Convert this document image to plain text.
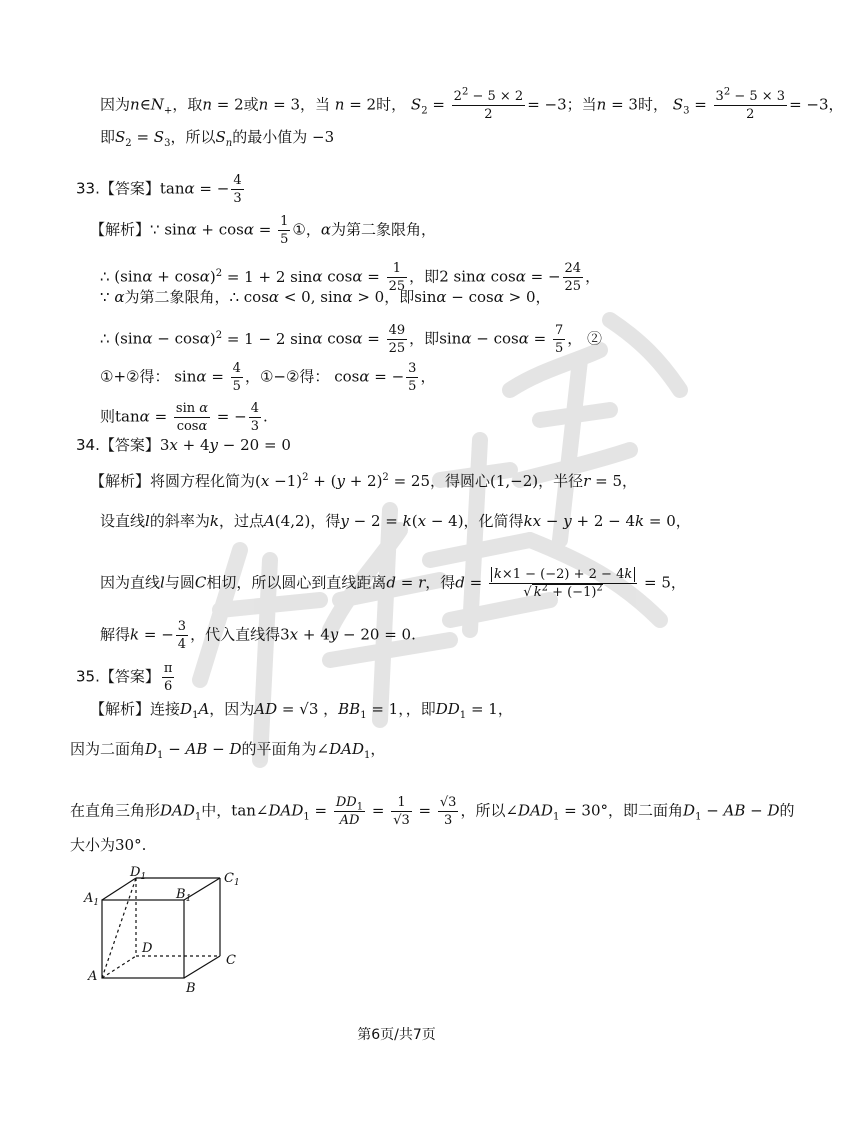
因为$n\in N_+$，取n = 2或n = 3，当 n = 2时， $S_2 = \frac{2^2 - 5 \times 2}{2} = -3$；当n = 3时， $S_3 = \frac{3^2 - 5 \times 3}{2} = -3$，
即$S_2 = S_3$，所以$S_n$的最小值为 −3
33.【答案】tanα = − $\frac{4}{3}$
【解析】∵ $\sin\alpha + \cos\alpha = \frac{1}{5}$ ①，α为第二象限角，
∴ $(\sin\alpha + \cos\alpha)^2 = 1 + 2$ sinα $\cos\alpha = \frac{1}{25}$ ，即2 sinα cosα = − $\frac{24}{25}$ ，
∵ α为第二象限角，∴ cosα < 0, sinα > 0，即sinα − cosα > 0，
∴ $(\sin\alpha - \cos\alpha)^2 = 1 - 2$ sinα $\cos\alpha = \frac{49}{25}$ ，即$\sin\alpha - \cos\alpha = \frac{7}{5}$ ， ②
①+②得： $\sin\alpha = \frac{4}{5}$ ，①−②得： cosα = − $\frac{3}{5}$ ，
则$\tan\alpha = \frac{\text{sin α}}{\cos\alpha}$ = − $\frac{4}{3}$ .
34.【答案】3x + 4y − 20 = 0
【解析】将圆方程化简为$(x -1)^2 + (y + 2)^2 = 25$，得圆心(1,−2)，半径r = 5，
设直线l的斜率为k，过点A(4,2)，得y − 2 = k(x − 4)，化简得kx − y + 2 − 4k = 0，
因为直线l与圆C相切，所以圆心到直线距离d = r，得$d = \frac{k\times 1 - (-2) + 2 - 4k}{√ k^2 + (-1)^2} = 5$，
解得k = − $\frac{3}{4}$ ，代入直线得3x + 4y − 20 = 0.
35.【答案】 $\frac{\pi}{6}$
【解析】连接$D_1A$，因为AD = √3 ，$BB_1 = 1$，，即$DD_1 = 1$，
因为二面角$D_1$ − AB − D的平面角为$\angle DAD_1$，
在直角三角形$DAD_1$中，$\tan\angle DAD_1 = \frac{DD_1}{AD} = \frac{1}{√3} = \frac{√3}{3}$ ，所以$\angle DAD_1 = 30^\circ$，即二面角$D_1$ − AB − D的
大小为30°.
$D_1$	$C_1$
$A_1$
$B_1$
D
C
A
B
第6页/共7页
